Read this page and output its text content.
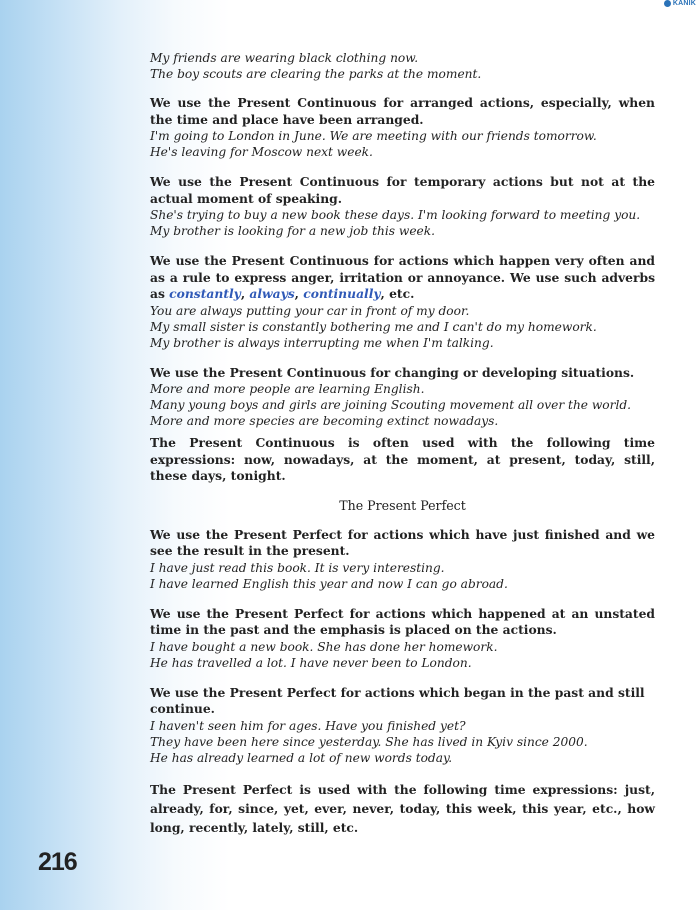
ΚΑΝΙΚ

My friends are wearing black clothing now.

The boy scouts are clearing the parks at the moment.

We use the Present Continuous for arranged actions, especially, when the time and place have been arranged.

I'm going to London in June. We are meeting with our friends tomorrow.

He's leaving for Moscow next week.

We use the Present Continuous for temporary actions but not at the actual moment of speaking.

She's trying to buy a new book these days. I'm looking forward to meeting you.

My brother is looking for a new job this week.

We use the Present Continuous for actions which happen very often and as a rule to express anger, irritation or annoyance. We use such adverbs as constantly, always, continually, etc.

You are always putting your car in front of my door.

My small sister is constantly bothering me and I can't do my homework.

My brother is always interrupting me when I'm talking.

We use the Present Continuous for changing or developing situations.

More and more people are learning English.

Many young boys and girls are joining Scouting movement all over the world.

More and more species are becoming extinct nowadays.

The Present Continuous is often used with the following time expressions: now, nowadays, at the moment, at present, today, still, these days, tonight.

The Present Perfect

We use the Present Perfect for actions which have just finished and we see the result in the present.

I have just read this book. It is very interesting.

I have learned English this year and now I can go abroad.

We use the Present Perfect for actions which happened at an unstated time in the past and the emphasis is placed on the actions.

I have bought a new book. She has done her homework.

He has travelled a lot. I have never been to London.

We use the Present Perfect for actions which began in the past and still continue.

I haven't seen him for ages. Have you finished yet?

They have been here since yesterday. She has lived in Kyiv since 2000.

He has already learned a lot of new words today.

The Present Perfect is used with the following time expressions: just, already, for, since, yet, ever, never, today, this week, this year, etc., how long, recently, lately, still, etc.

216
